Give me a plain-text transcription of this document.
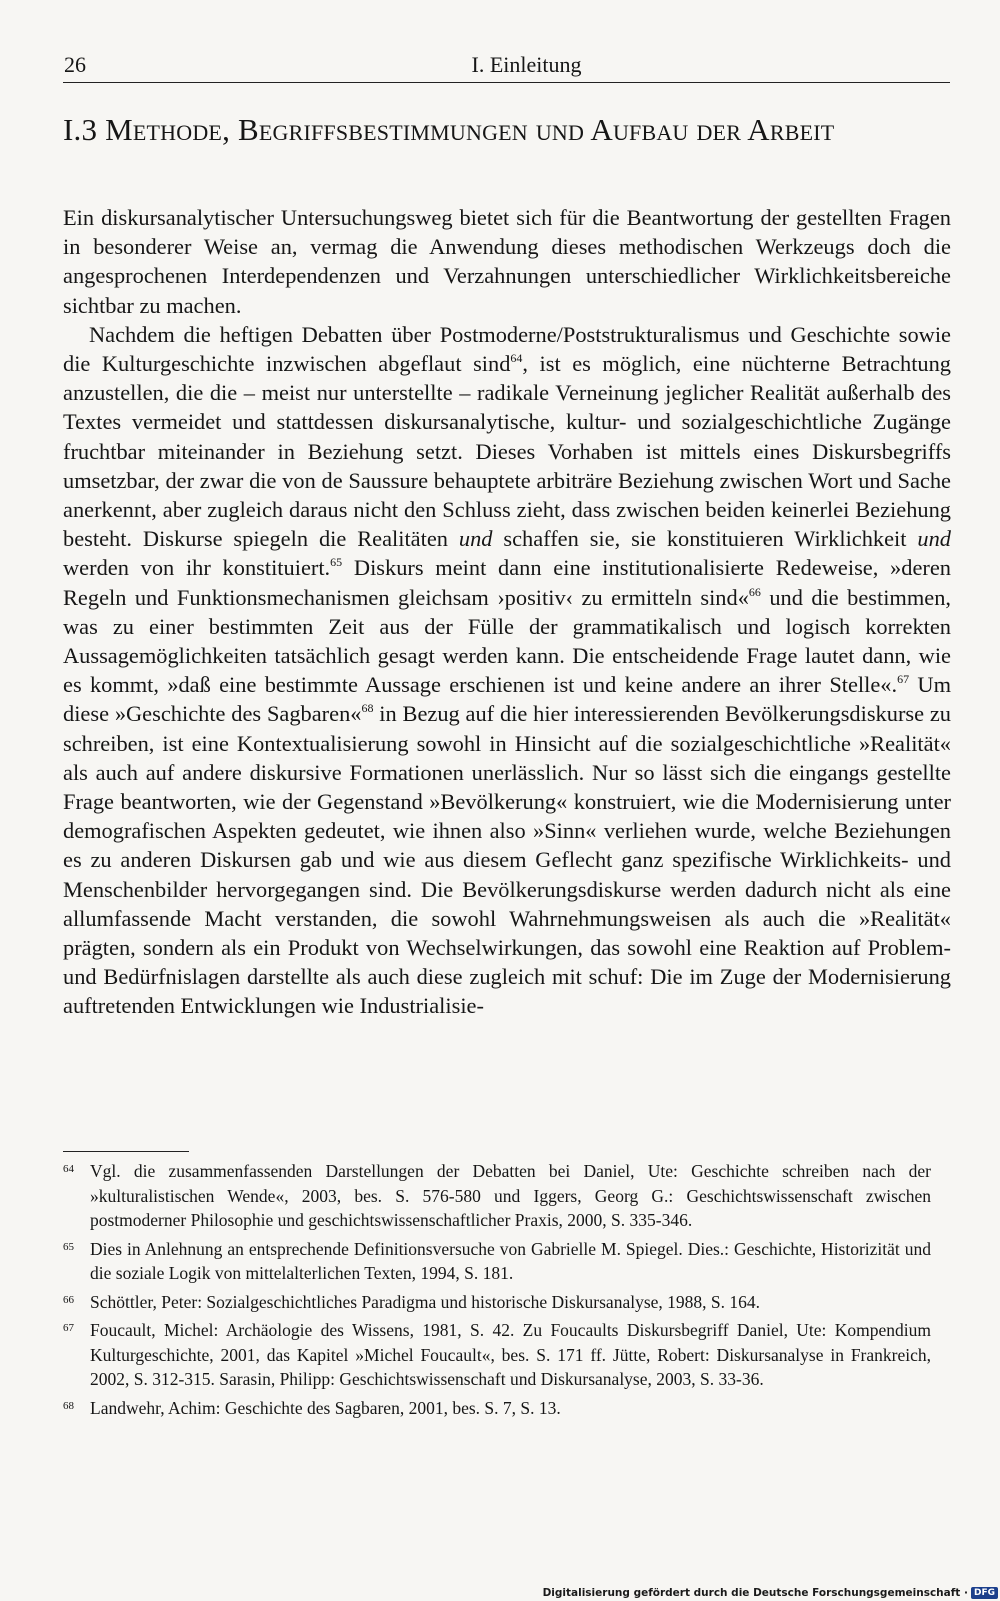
26	I. Einleitung
I.3 Methode, Begriffsbestimmungen und Aufbau der Arbeit

Ein diskursanalytischer Untersuchungsweg bietet sich für die Beantwortung der gestellten Fragen in besonderer Weise an, vermag die Anwendung dieses methodischen Werkzeugs doch die angesprochenen Interdependenzen und Verzahnungen unterschiedlicher Wirklichkeitsbereiche sichtbar zu machen.

Nachdem die heftigen Debatten über Postmoderne/Poststrukturalismus und Geschichte sowie die Kulturgeschichte inzwischen abgeflaut sind$^{64}$, ist es möglich, eine nüchterne Betrachtung anzustellen, die die – meist nur unterstellte – radikale Verneinung jeglicher Realität außerhalb des Textes vermeidet und stattdessen diskursanalytische, kultur- und sozialgeschichtliche Zugänge fruchtbar miteinander in Beziehung setzt. Dieses Vorhaben ist mittels eines Diskursbegriffs umsetzbar, der zwar die von de Saussure behauptete arbiträre Beziehung zwischen Wort und Sache anerkennt, aber zugleich daraus nicht den Schluss zieht, dass zwischen beiden keinerlei Beziehung besteht. Diskurse spiegeln die Realitäten und schaffen sie, sie konstituieren Wirklichkeit und werden von ihr konstituiert.$^{65}$ Diskurs meint dann eine institutionalisierte Redeweise, »deren Regeln und Funktionsmechanismen gleichsam ›positiv‹ zu ermitteln sind«$^{66}$ und die bestimmen, was zu einer bestimmten Zeit aus der Fülle der grammatikalisch und logisch korrekten Aussagemöglichkeiten tatsächlich gesagt werden kann. Die entscheidende Frage lautet dann, wie es kommt, »daß eine bestimmte Aussage erschienen ist und keine andere an ihrer Stelle«.$^{67}$ Um diese »Geschichte des Sagbaren«$^{68}$ in Bezug auf die hier interessierenden Bevölkerungsdiskurse zu schreiben, ist eine Kontextualisierung sowohl in Hinsicht auf die sozialgeschichtliche »Realität« als auch auf andere diskursive Formationen unerlässlich. Nur so lässt sich die eingangs gestellte Frage beantworten, wie der Gegenstand »Bevölkerung« konstruiert, wie die Modernisierung unter demografischen Aspekten gedeutet, wie ihnen also »Sinn« verliehen wurde, welche Beziehungen es zu anderen Diskursen gab und wie aus diesem Geflecht ganz spezifische Wirklichkeits- und Menschenbilder hervorgegangen sind. Die Bevölkerungsdiskurse werden dadurch nicht als eine allumfassende Macht verstanden, die sowohl Wahrnehmungsweisen als auch die »Realität« prägten, sondern als ein Produkt von Wechselwirkungen, das sowohl eine Reaktion auf Problem- und Bedürfnislagen darstellte als auch diese zugleich mit schuf: Die im Zuge der Modernisierung auftretenden Entwicklungen wie Industrialisie-

64 Vgl. die zusammenfassenden Darstellungen der Debatten bei Daniel, Ute: Geschichte schreiben nach der »kulturalistischen Wende«, 2003, bes. S. 576-580 und Iggers, Georg G.: Geschichtswissenschaft zwischen postmoderner Philosophie und geschichtswissenschaftlicher Praxis, 2000, S. 335-346.
65 Dies in Anlehnung an entsprechende Definitionsversuche von Gabrielle M. Spiegel. Dies.: Geschichte, Historizität und die soziale Logik von mittelalterlichen Texten, 1994, S. 181.
66 Schöttler, Peter: Sozialgeschichtliches Paradigma und historische Diskursanalyse, 1988, S. 164.
67 Foucault, Michel: Archäologie des Wissens, 1981, S. 42. Zu Foucaults Diskursbegriff Daniel, Ute: Kompendium Kulturgeschichte, 2001, das Kapitel »Michel Foucault«, bes. S. 171 ff. Jütte, Robert: Diskursanalyse in Frankreich, 2002, S. 312-315. Sarasin, Philipp: Geschichtswissenschaft und Diskursanalyse, 2003, S. 33-36.
68 Landwehr, Achim: Geschichte des Sagbaren, 2001, bes. S. 7, S. 13.
Digitalisierung gefördert durch die Deutsche Forschungsgemeinschaft · DFG
